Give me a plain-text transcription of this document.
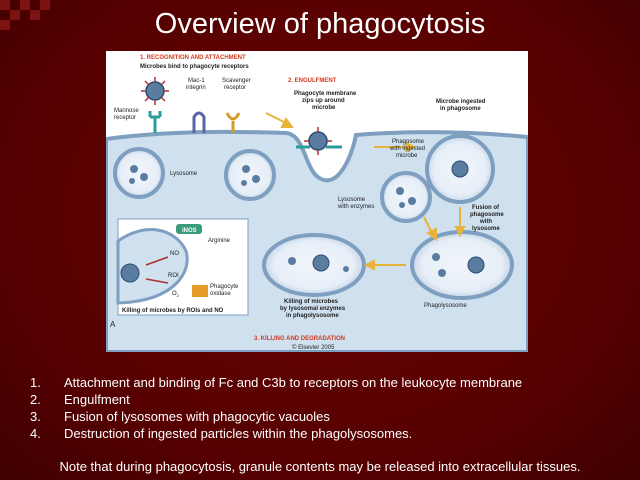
Overview of phagocytosis
1. RECOGNITION AND ATTACHMENT
Microbes bind to phagocyte receptors
Mannose
receptor
Mac-1
integrin
Scavenger
receptor
2. ENGULFMENT
Phagocyte membrane
zips up around
microbe
Microbe ingested
in phagosome
Phagosome
with ingested
microbe
Lysosome
Lysosome
with enzymes	Fusion of
phagosome
with
lysosome
Phagolysosome
Killing of microbes
by lysosomal enzymes
in phagolysosome
iNOS
Arginine
NO
ROI
Phagocyte
oxidase
$O_2$
Killing of microbes by ROIs and NO
A
3. KILLING AND DEGRADATION
© Elsevier 2005
1.	Attachment and binding of Fc and C3b to receptors on the leukocyte membrane
2.	Engulfment
3.	Fusion of lysosomes with phagocytic vacuoles
4.	Destruction of ingested particles within the phagolysosomes.
Note that during phagocytosis, granule contents may be released into extracellular tissues.
